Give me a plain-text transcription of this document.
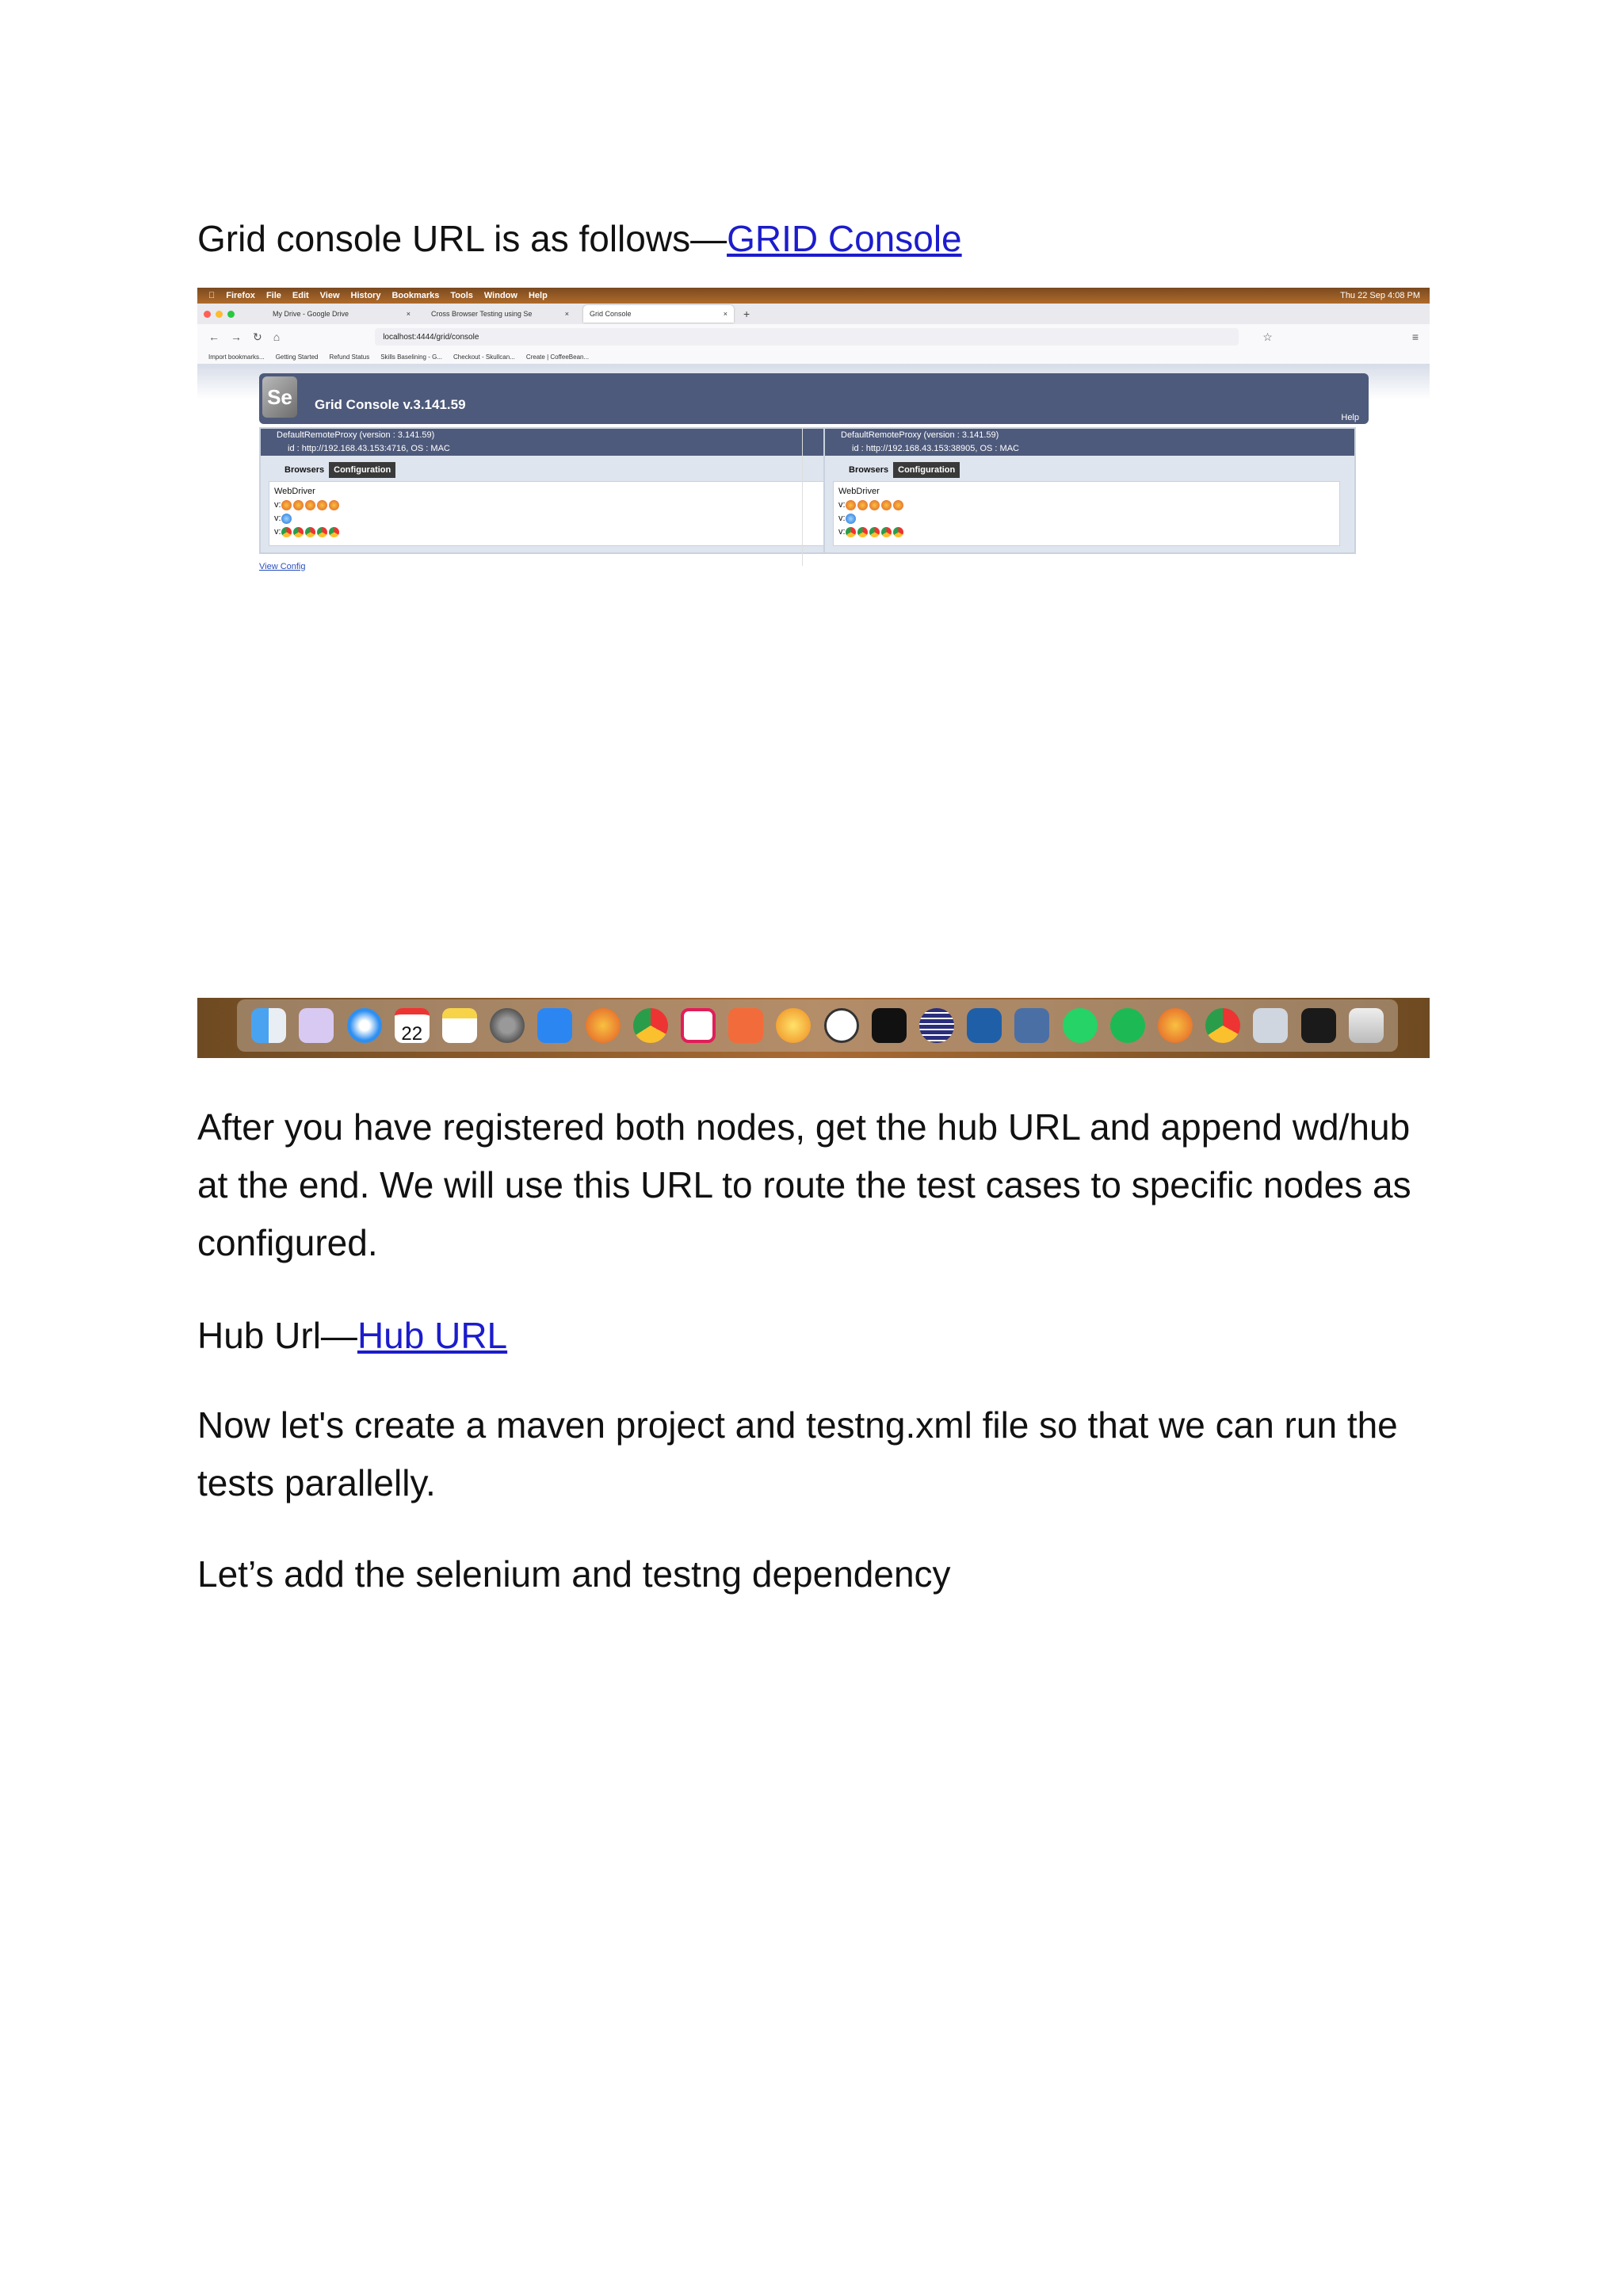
Grid console URL is as follows—GRID Console

Firefox File Edit View History Bookmarks Tools Window Help	Thu 22 Sep 4:08 PM
My Drive - Google Drive	×	Cross Browser Testing using Se	×	Grid Console	× +
← → ↻ ⌂	localhost:4444/grid/console	☆	≡
Import bookmarks... Getting Started Refund Status Skills Baselining - G... Checkout - Skullcan... Create | CoffeeBean...
Se	Grid Console v.3.141.59
Help
DefaultRemoteProxy (version : 3.141.59)
id : http://192.168.43.153:4716, OS : MAC
Browsers	Configuration
WebDriver
v:
v:
v:
DefaultRemoteProxy (version : 3.141.59)
id : http://192.168.43.153:38905, OS : MAC
Browsers	Configuration
WebDriver
v:
v:
v:
View Config
22

After you have registered both nodes, get the hub URL and append wd/hub at the end. We will use this URL to route the test cases to specific nodes as configured.

Hub Url—Hub URL

Now let's create a maven project and testng.xml file so that we can run the tests parallelly.

Let’s add the selenium and testng dependency
